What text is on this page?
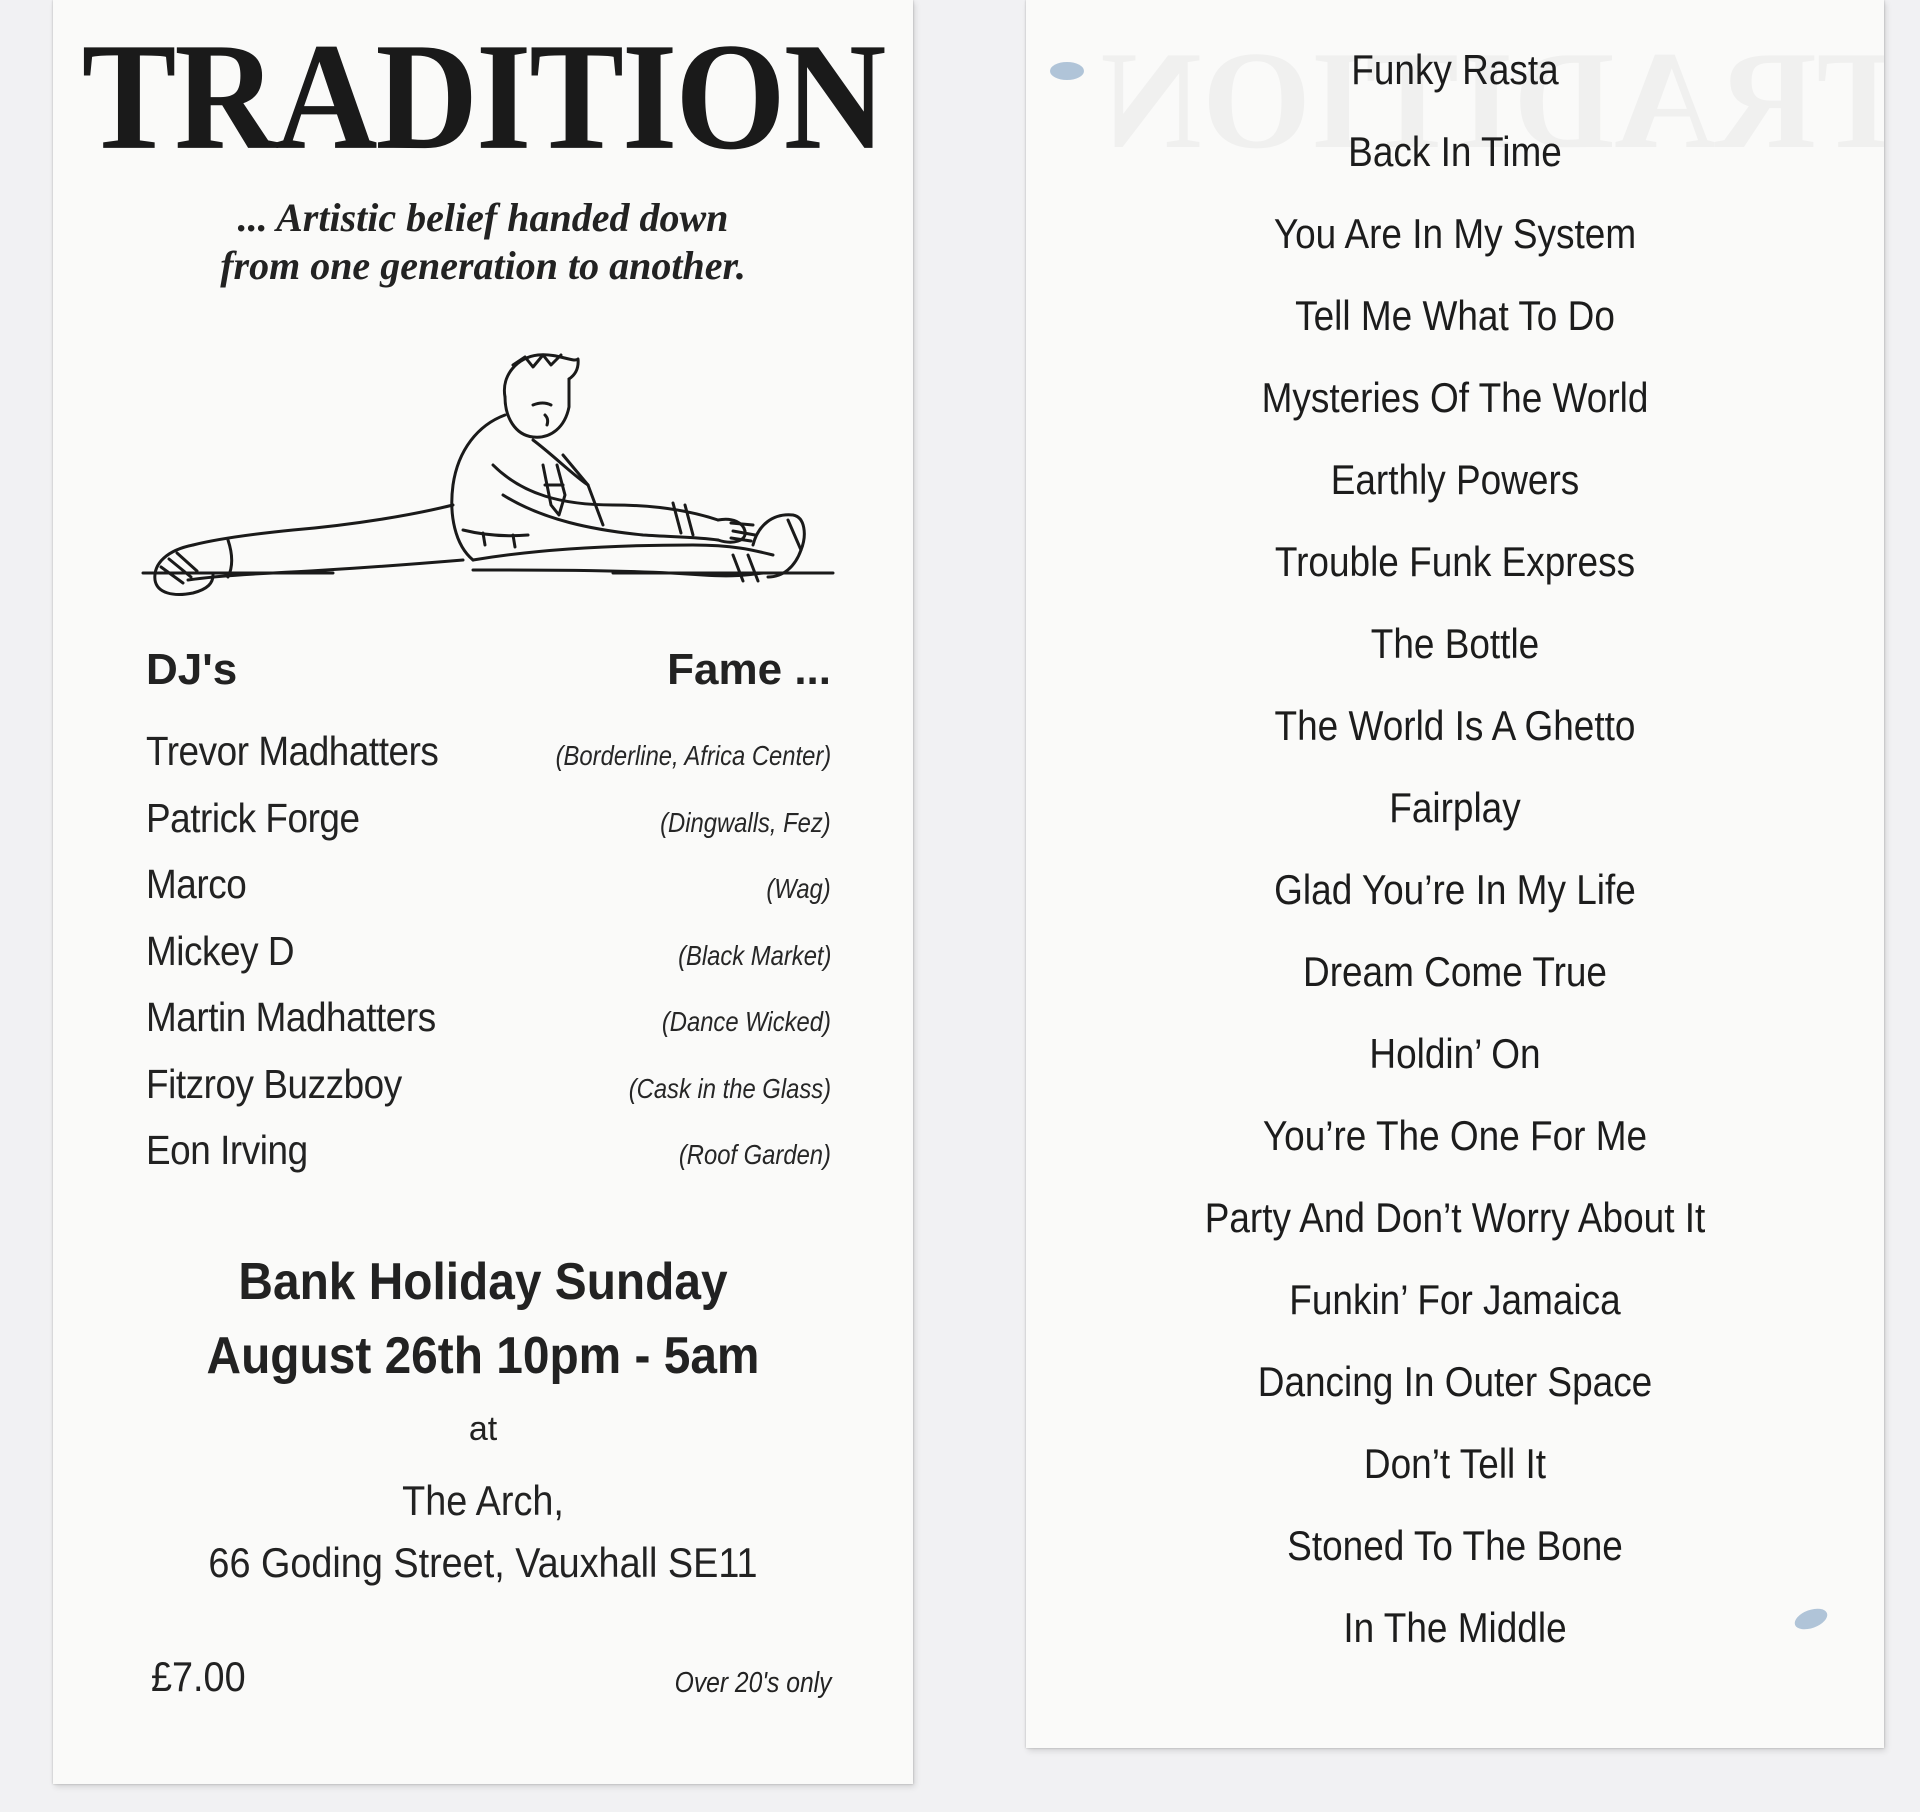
TRADITION
... Artistic belief handed down
from one generation to another.
DJ's	Fame ...
Trevor Madhatters	(Borderline, Africa Center)
Patrick Forge	(Dingwalls, Fez)
Marco	(Wag)
Mickey D	(Black Market)
Martin Madhatters	(Dance Wicked)
Fitzroy Buzzboy	(Cask in the Glass)
Eon Irving	(Roof Garden)
Bank Holiday Sunday
August 26th 10pm - 5am
at
The Arch,
66 Goding Street, Vauxhall SE11
£7.00	Over 20's only
Funky Rasta
Back In Time
You Are In My System
Tell Me What To Do
Mysteries Of The World
Earthly Powers
Trouble Funk Express
The Bottle
The World Is A Ghetto
Fairplay
Glad You’re In My Life
Dream Come True
Holdin’ On
You’re The One For Me
Party And Don’t Worry About It
Funkin’ For Jamaica
Dancing In Outer Space
Don’t Tell It
Stoned To The Bone
In The Middle
